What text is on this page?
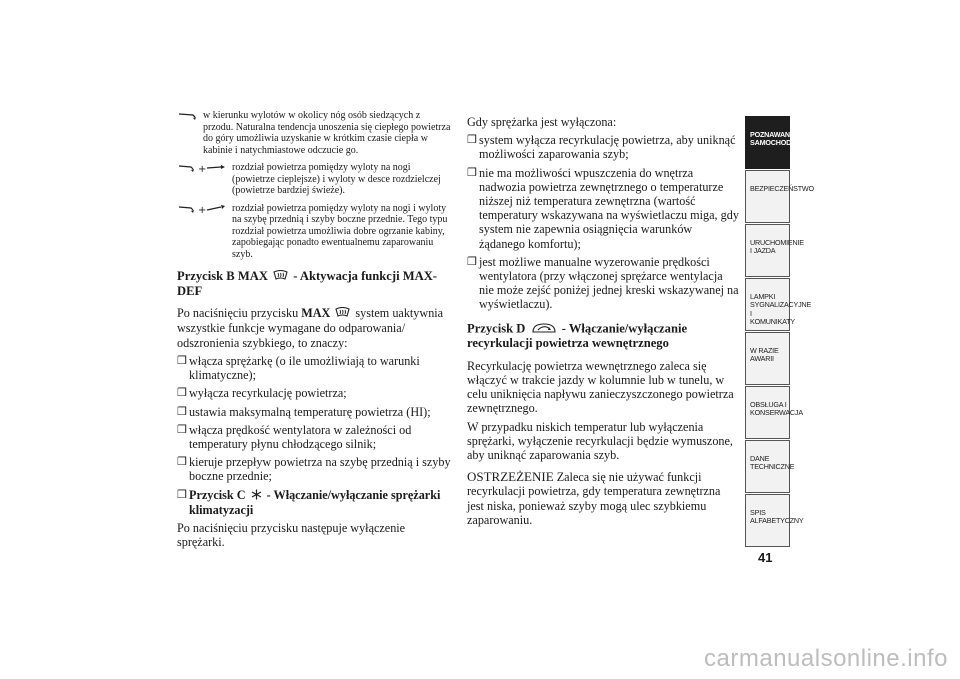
w kierunku wylotów w okolicy nóg osób siedzących z przodu. Naturalna tendencja unoszenia się ciepłego powietrza do góry umożliwia uzyskanie w krótkim czasie ciepła w kabinie i natychmiastowe odczucie go.
+	rozdział powietrza pomiędzy wyloty na nogi (powietrze cieplejsze) i wyloty w desce rozdzielczej (powietrze bardziej świeże).
+	rozdział powietrza pomiędzy wyloty na nogi i wyloty na szybę przednią i szyby boczne przednie. Tego typu rozdział powietrza umożliwia dobre ogrzanie kabiny, zapobiegając ponadto ewentualnemu zaparowaniu szyb.
Przycisk B MAX  - Aktywacja funkcji MAX-DEF

Po naciśnięciu przycisku MAX  system uaktywnia wszystkie funkcje wymagane do odparowania/ odszronienia szybkiego, to znaczy:

❒ włącza sprężarkę (o ile umożliwiają to warunki klimatyczne);
❒ wyłącza recyrkulację powietrza;
❒ ustawia maksymalną temperaturę powietrza (HI);
❒ włącza prędkość wentylatora w zależności od temperatury płynu chłodzącego silnik;
❒ kieruje przepływ powietrza na szybę przednią i szyby boczne przednie;
❒ Przycisk C  - Włączanie/wyłączanie sprężarki klimatyzacji

Po naciśnięciu przycisku następuje wyłączenie sprężarki.

Gdy sprężarka jest wyłączona:

❒ system wyłącza recyrkulację powietrza, aby uniknąć możliwości zaparowania szyb;
❒ nie ma możliwości wpuszczenia do wnętrza nadwozia powietrza zewnętrznego o temperaturze niższej niż temperatura zewnętrzna (wartość temperatury wskazywana na wyświetlaczu miga, gdy system nie zapewnia osiągnięcia warunków żądanego komfortu);
❒ jest możliwe manualne wyzerowanie prędkości wentylatora (przy włączonej sprężarce wentylacja nie może zejść poniżej jednej kreski wskazywanej na wyświetlaczu).
Przycisk D	- Włączanie/wyłączanie recyrkulacji powietrza wewnętrznego

Recyrkulację powietrza wewnętrznego zaleca się włączyć w trakcie jazdy w kolumnie lub w tunelu, w celu uniknięcia napływu zanieczyszczonego powietrza zewnętrznego.

W przypadku niskich temperatur lub wyłączenia sprężarki, wyłączenie recyrkulacji będzie wymuszone, aby uniknąć zaparowania szyb.

OSTRZEŻENIE Zaleca się nie używać funkcji recyrkulacji powietrza, gdy temperatura zewnętrzna jest niska, ponieważ szyby mogą ulec szybkiemu zaparowaniu.

POZNAWANIE SAMOCHODU
BEZPIECZEŃSTWO
URUCHOMIENIE I JAZDA
LAMPKI SYGNALIZACYJNE I KOMUNIKATY
W RAZIE AWARII
OBSŁUGA I KONSERWACJA
DANE TECHNICZNE
SPIS ALFABETYCZNY
41
carmanualsonline.info
